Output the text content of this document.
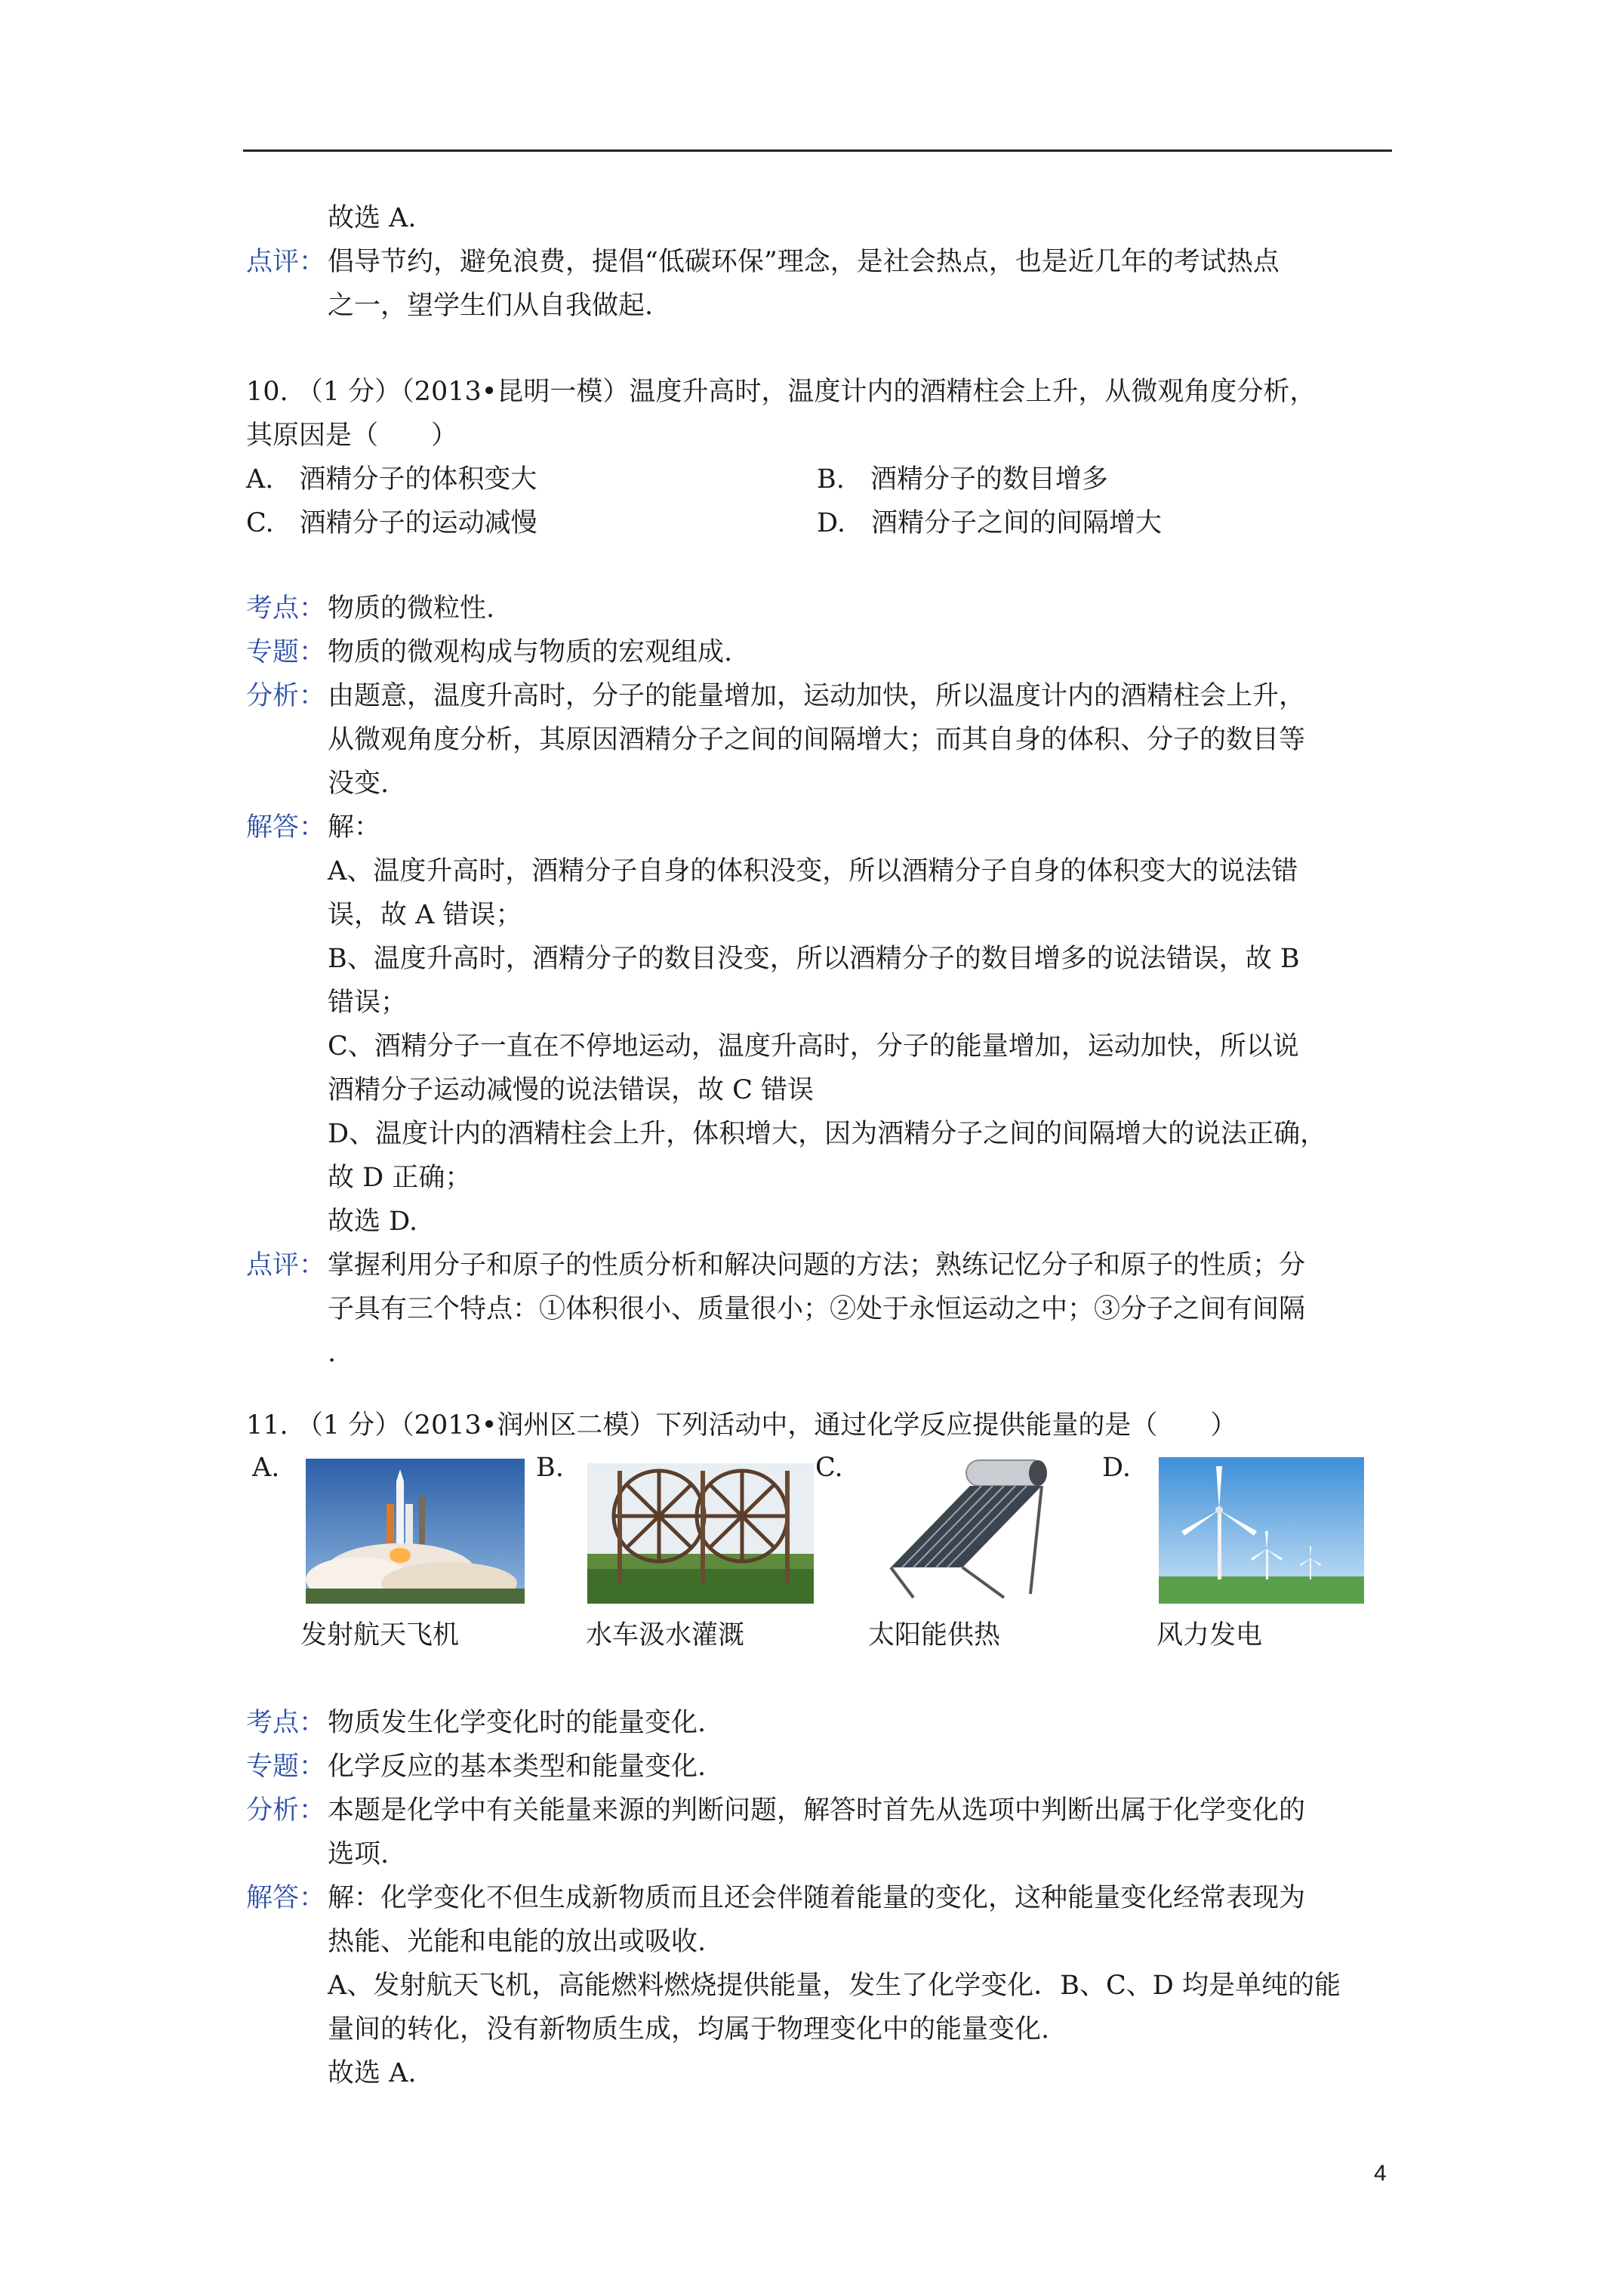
故选 A.
点评： 倡导节约，避免浪费，提倡“低碳环保”理念，是社会热点，也是近几年的考试热点
之一，望学生们从自我做起.
10. （1 分）（2013•昆明一模）温度升高时，温度计内的酒精柱会上升，从微观角度分析，
其原因是（　　）
A. 酒精分子的体积变大	B. 酒精分子的数目增多
C. 酒精分子的运动减慢	D. 酒精分子之间的间隔增大
考点： 物质的微粒性.
专题： 物质的微观构成与物质的宏观组成.
分析： 由题意，温度升高时，分子的能量增加，运动加快，所以温度计内的酒精柱会上升，
从微观角度分析，其原因酒精分子之间的间隔增大；而其自身的体积、分子的数目等
没变.
解答： 解：
A、温度升高时，酒精分子自身的体积没变，所以酒精分子自身的体积变大的说法错
误，故 A 错误；
B、温度升高时，酒精分子的数目没变，所以酒精分子的数目增多的说法错误，故 B
错误；
C、酒精分子一直在不停地运动，温度升高时，分子的能量增加，运动加快，所以说
酒精分子运动减慢的说法错误，故 C 错误
D、温度计内的酒精柱会上升，体积增大，因为酒精分子之间的间隔增大的说法正确，
故 D 正确；
故选 D.
点评： 掌握利用分子和原子的性质分析和解决问题的方法；熟练记忆分子和原子的性质；分
子具有三个特点：①体积很小、质量很小；②处于永恒运动之中；③分子之间有间隔
.
11. （1 分）（2013•润州区二模）下列活动中，通过化学反应提供能量的是（　　）
A.	B.	C.	D.
发射航天飞机	水车汲水灌溉	太阳能供热	风力发电
考点： 物质发生化学变化时的能量变化.
专题： 化学反应的基本类型和能量变化.
分析： 本题是化学中有关能量来源的判断问题，解答时首先从选项中判断出属于化学变化的
选项.
解答： 解：化学变化不但生成新物质而且还会伴随着能量的变化，这种能量变化经常表现为
热能、光能和电能的放出或吸收.
A、发射航天飞机，高能燃料燃烧提供能量，发生了化学变化．B、C、D 均是单纯的能
量间的转化，没有新物质生成，均属于物理变化中的能量变化.
故选 A.
4
